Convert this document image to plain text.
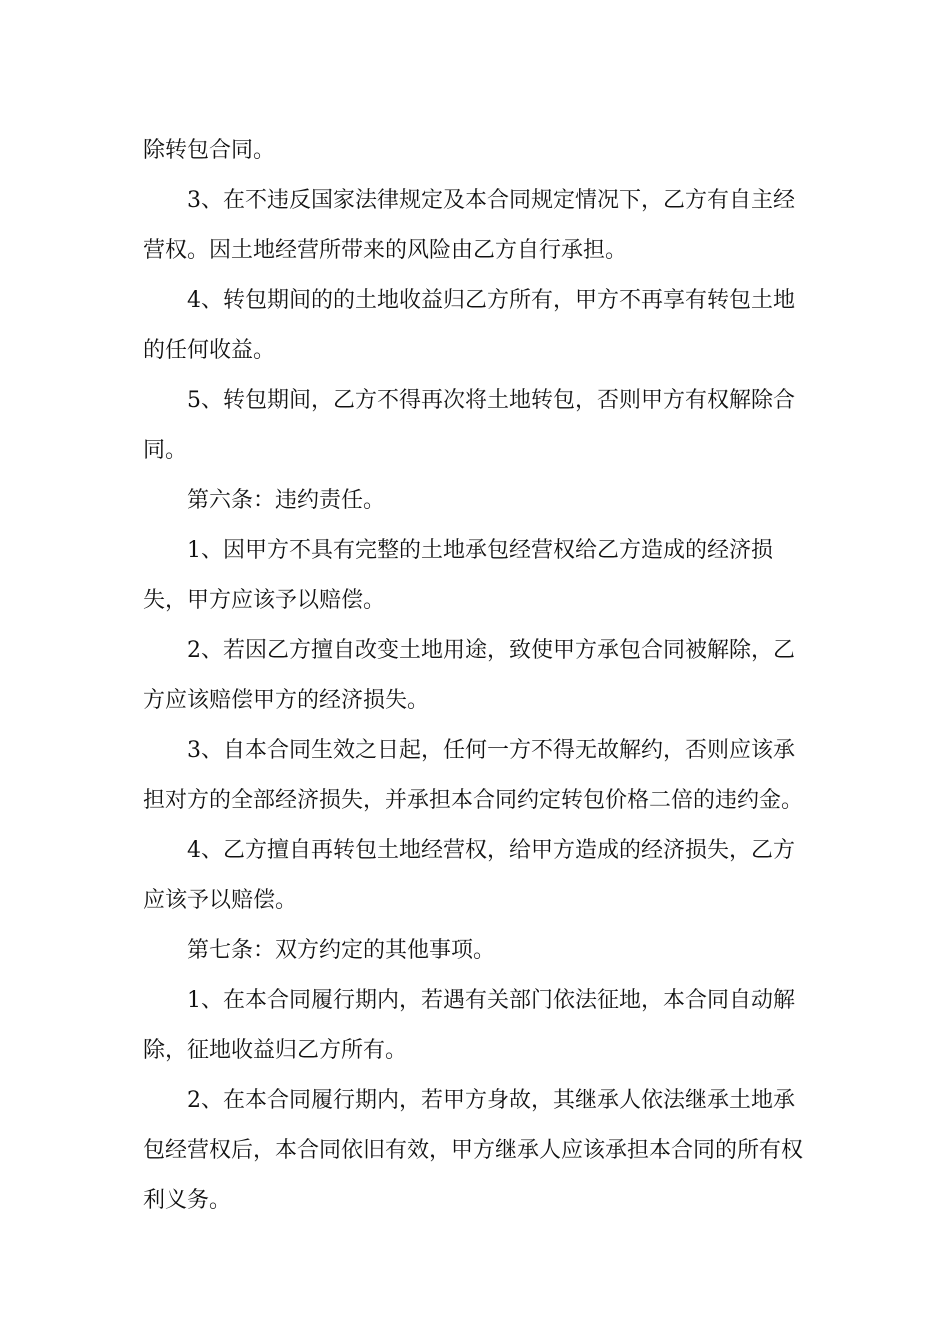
除转包合同。

3、在不违反国家法律规定及本合同规定情况下，乙方有自主经营权。因土地经营所带来的风险由乙方自行承担。

4、转包期间的的土地收益归乙方所有，甲方不再享有转包土地的任何收益。

5、转包期间，乙方不得再次将土地转包，否则甲方有权解除合同。

第六条：违约责任。

1、因甲方不具有完整的土地承包经营权给乙方造成的经济损失，甲方应该予以赔偿。

2、若因乙方擅自改变土地用途，致使甲方承包合同被解除，乙方应该赔偿甲方的经济损失。

3、自本合同生效之日起，任何一方不得无故解约，否则应该承担对方的全部经济损失，并承担本合同约定转包价格二倍的违约金。

4、乙方擅自再转包土地经营权，给甲方造成的经济损失，乙方应该予以赔偿。

第七条：双方约定的其他事项。

1、在本合同履行期内，若遇有关部门依法征地，本合同自动解除，征地收益归乙方所有。

2、在本合同履行期内，若甲方身故，其继承人依法继承土地承包经营权后，本合同依旧有效，甲方继承人应该承担本合同的所有权利义务。
